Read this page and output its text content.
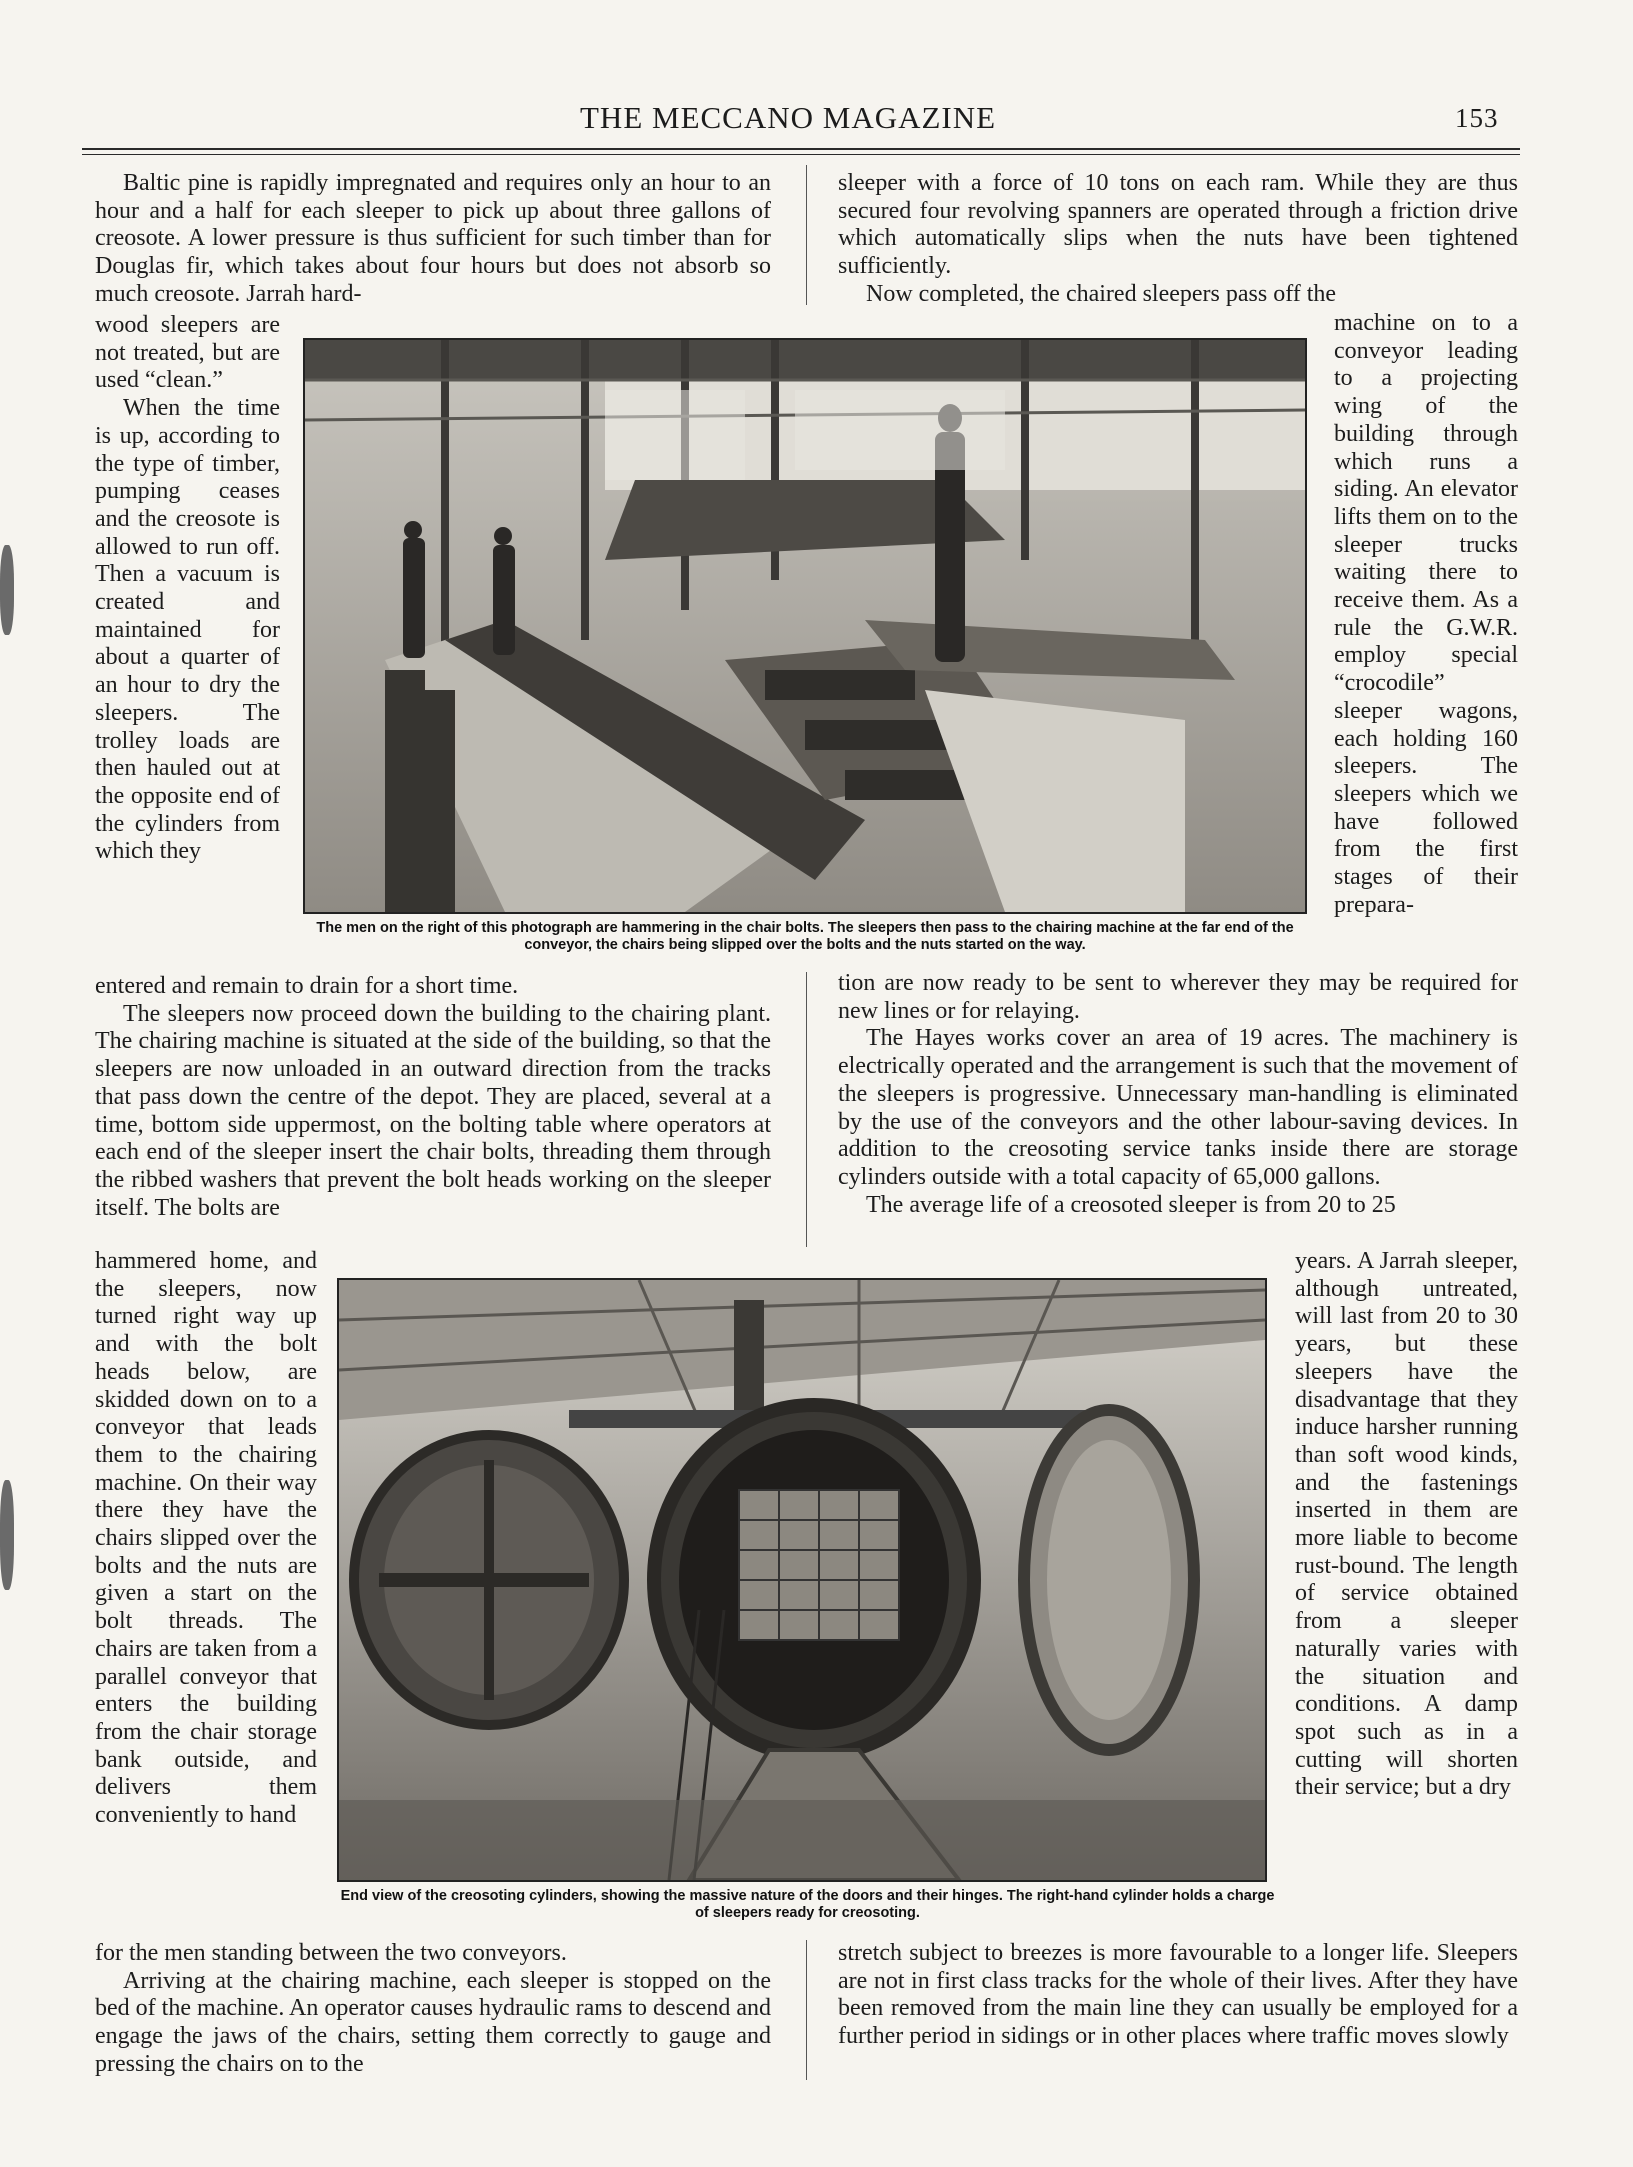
THE MECCANO MAGAZINE	153

Baltic pine is rapidly impregnated and requires only an hour to an hour and a half for each sleeper to pick up about three gallons of creosote. A lower pressure is thus sufficient for such timber than for Douglas fir, which takes about four hours but does not absorb so much creosote. Jarrah hard-

wood sleepers are not treated, but are used “clean.”

When the time is up, according to the type of timber, pumping ceases and the creosote is allowed to run off. Then a vacuum is created and maintained for about a quarter of an hour to dry the sleepers. The trolley loads are then hauled out at the opposite end of the cylinders from which they

entered and remain to drain for a short time.

The sleepers now proceed down the building to the chairing plant. The chairing machine is situated at the side of the building, so that the sleepers are now unloaded in an outward direction from the tracks that pass down the centre of the depot. They are placed, several at a time, bottom side uppermost, on the bolting table where operators at each end of the sleeper insert the chair bolts, threading them through the ribbed washers that prevent the bolt heads working on the sleeper itself. The bolts are

hammered home, and the sleepers, now turned right way up and with the bolt heads below, are skidded down on to a conveyor that leads them to the chairing machine. On their way there they have the chairs slipped over the bolts and the nuts are given a start on the bolt threads. The chairs are taken from a parallel conveyor that enters the building from the chair storage bank outside, and delivers them conveniently to hand

for the men standing between the two conveyors.

Arriving at the chairing machine, each sleeper is stopped on the bed of the machine. An operator causes hydraulic rams to descend and engage the jaws of the chairs, setting them correctly to gauge and pressing the chairs on to the

sleeper with a force of 10 tons on each ram. While they are thus secured four revolving spanners are operated through a friction drive which automatically slips when the nuts have been tightened sufficiently.

Now completed, the chaired sleepers pass off the

machine on to a conveyor leading to a projecting wing of the building through which runs a siding. An elevator lifts them on to the sleeper trucks waiting there to receive them. As a rule the G.W.R. employ special “crocodile” sleeper wagons, each holding 160 sleepers. The sleepers which we have followed from the first stages of their prepara-

tion are now ready to be sent to wherever they may be required for new lines or for relaying.

The Hayes works cover an area of 19 acres. The machinery is electrically operated and the arrangement is such that the movement of the sleepers is progressive. Unnecessary man-handling is eliminated by the use of the conveyors and the other labour-saving devices. In addition to the creosoting service tanks inside there are storage cylinders outside with a total capacity of 65,000 gallons.

The average life of a creosoted sleeper is from 20 to 25

years. A Jarrah sleeper, although untreated, will last from 20 to 30 years, but these sleepers have the disadvantage that they induce harsher running than soft wood kinds, and the fastenings inserted in them are more liable to become rust-bound. The length of service obtained from a sleeper naturally varies with the situation and conditions. A damp spot such as in a cutting will shorten their service; but a dry

stretch subject to breezes is more favourable to a longer life. Sleepers are not in first class tracks for the whole of their lives. After they have been removed from the main line they can usually be employed for a further period in sidings or in other places where traffic moves slowly

The men on the right of this photograph are hammering in the chair bolts. The sleepers then pass to the chairing machine at the far end of the conveyor, the chairs being slipped over the bolts and the nuts started on the way.
End view of the creosoting cylinders, showing the massive nature of the doors and their hinges. The right-hand cylinder holds a charge of sleepers ready for creosoting.
